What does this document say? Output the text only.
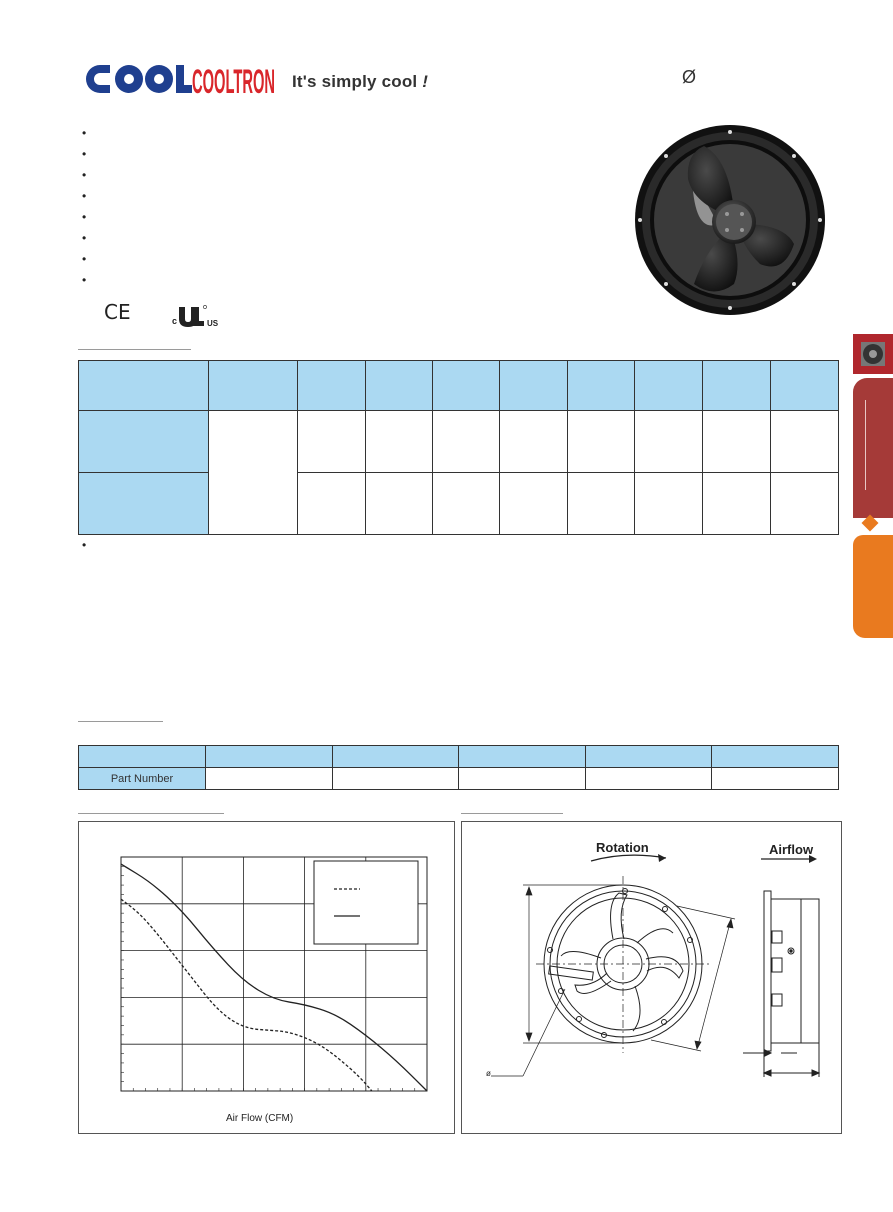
COOLTRON It's simply cool !	Ø
•
•
•
•
•
•
•
•
CE	c	US

•

Part Number					
Air Flow (CFM)
Rotation	Airflow
ø
